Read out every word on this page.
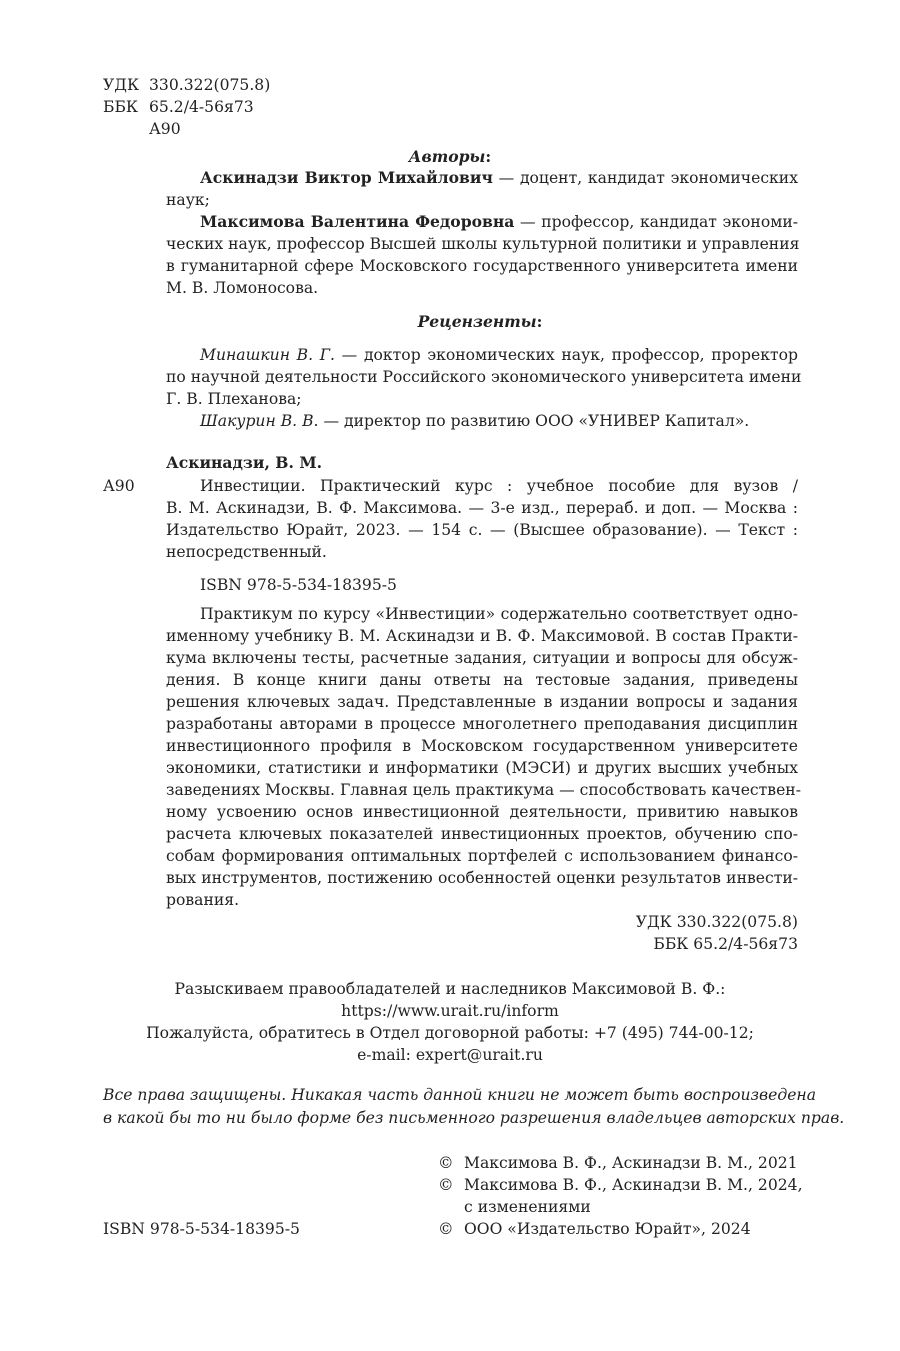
УДК 330.322(075.8)
ББК 65.2/4-56я73
А90
Авторы:
Аскинадзи Виктор Михайлович — доцент, кандидат экономических
наук;
Максимова Валентина Федоровна — профессор, кандидат экономи-
ческих наук, профессор Высшей школы культурной политики и управления
в гуманитарной сфере Московского государственного университета имени
М. В. Ломоносова.
Рецензенты:
Минашкин В. Г. — доктор экономических наук, профессор, проректор
по научной деятельности Российского экономического университета имени
Г. В. Плеханова;
Шакурин В. В. — директор по развитию ООО «УНИВЕР Капитал».
Аскинадзи, В. М.
А90	Инвестиции. Практический курс : учебное пособие для вузов /
В. М. Аскинадзи, В. Ф. Максимова. — 3-е изд., перераб. и доп. — Москва :
Издательство Юрайт, 2023. — 154 с. — (Высшее образование). — Текст :
непосредственный.
ISBN 978-5-534-18395-5
Практикум по курсу «Инвестиции» содержательно соответствует одно-
именному учебнику В. М. Аскинадзи и В. Ф. Максимовой. В состав Практи-
кума включены тесты, расчетные задания, ситуации и вопросы для обсуж-
дения. В конце книги даны ответы на тестовые задания, приведены
решения ключевых задач. Представленные в издании вопросы и задания
разработаны авторами в процессе многолетнего преподавания дисциплин
инвестиционного профиля в Московском государственном университете
экономики, статистики и информатики (МЭСИ) и других высших учебных
заведениях Москвы. Главная цель практикума — способствовать качествен-
ному усвоению основ инвестиционной деятельности, привитию навыков
расчета ключевых показателей инвестиционных проектов, обучению спо-
собам формирования оптимальных портфелей с использованием финансо-
вых инструментов, постижению особенностей оценки результатов инвести-
рования.
УДК 330.322(075.8)
ББК 65.2/4-56я73
Разыскиваем правообладателей и наследников Максимовой В. Ф.:
https://www.urait.ru/inform
Пожалуйста, обратитесь в Отдел договорной работы: +7 (495) 744-00-12;
e-mail: expert@urait.ru
Все права защищены. Никакая часть данной книги не может быть воспроизведена
в какой бы то ни было форме без письменного разрешения владельцев авторских прав.
© Максимова В. Ф., Аскинадзи В. М., 2021
© Максимова В. Ф., Аскинадзи В. М., 2024,
с изменениями
© ООО «Издательство Юрайт», 2024
ISBN 978-5-534-18395-5
